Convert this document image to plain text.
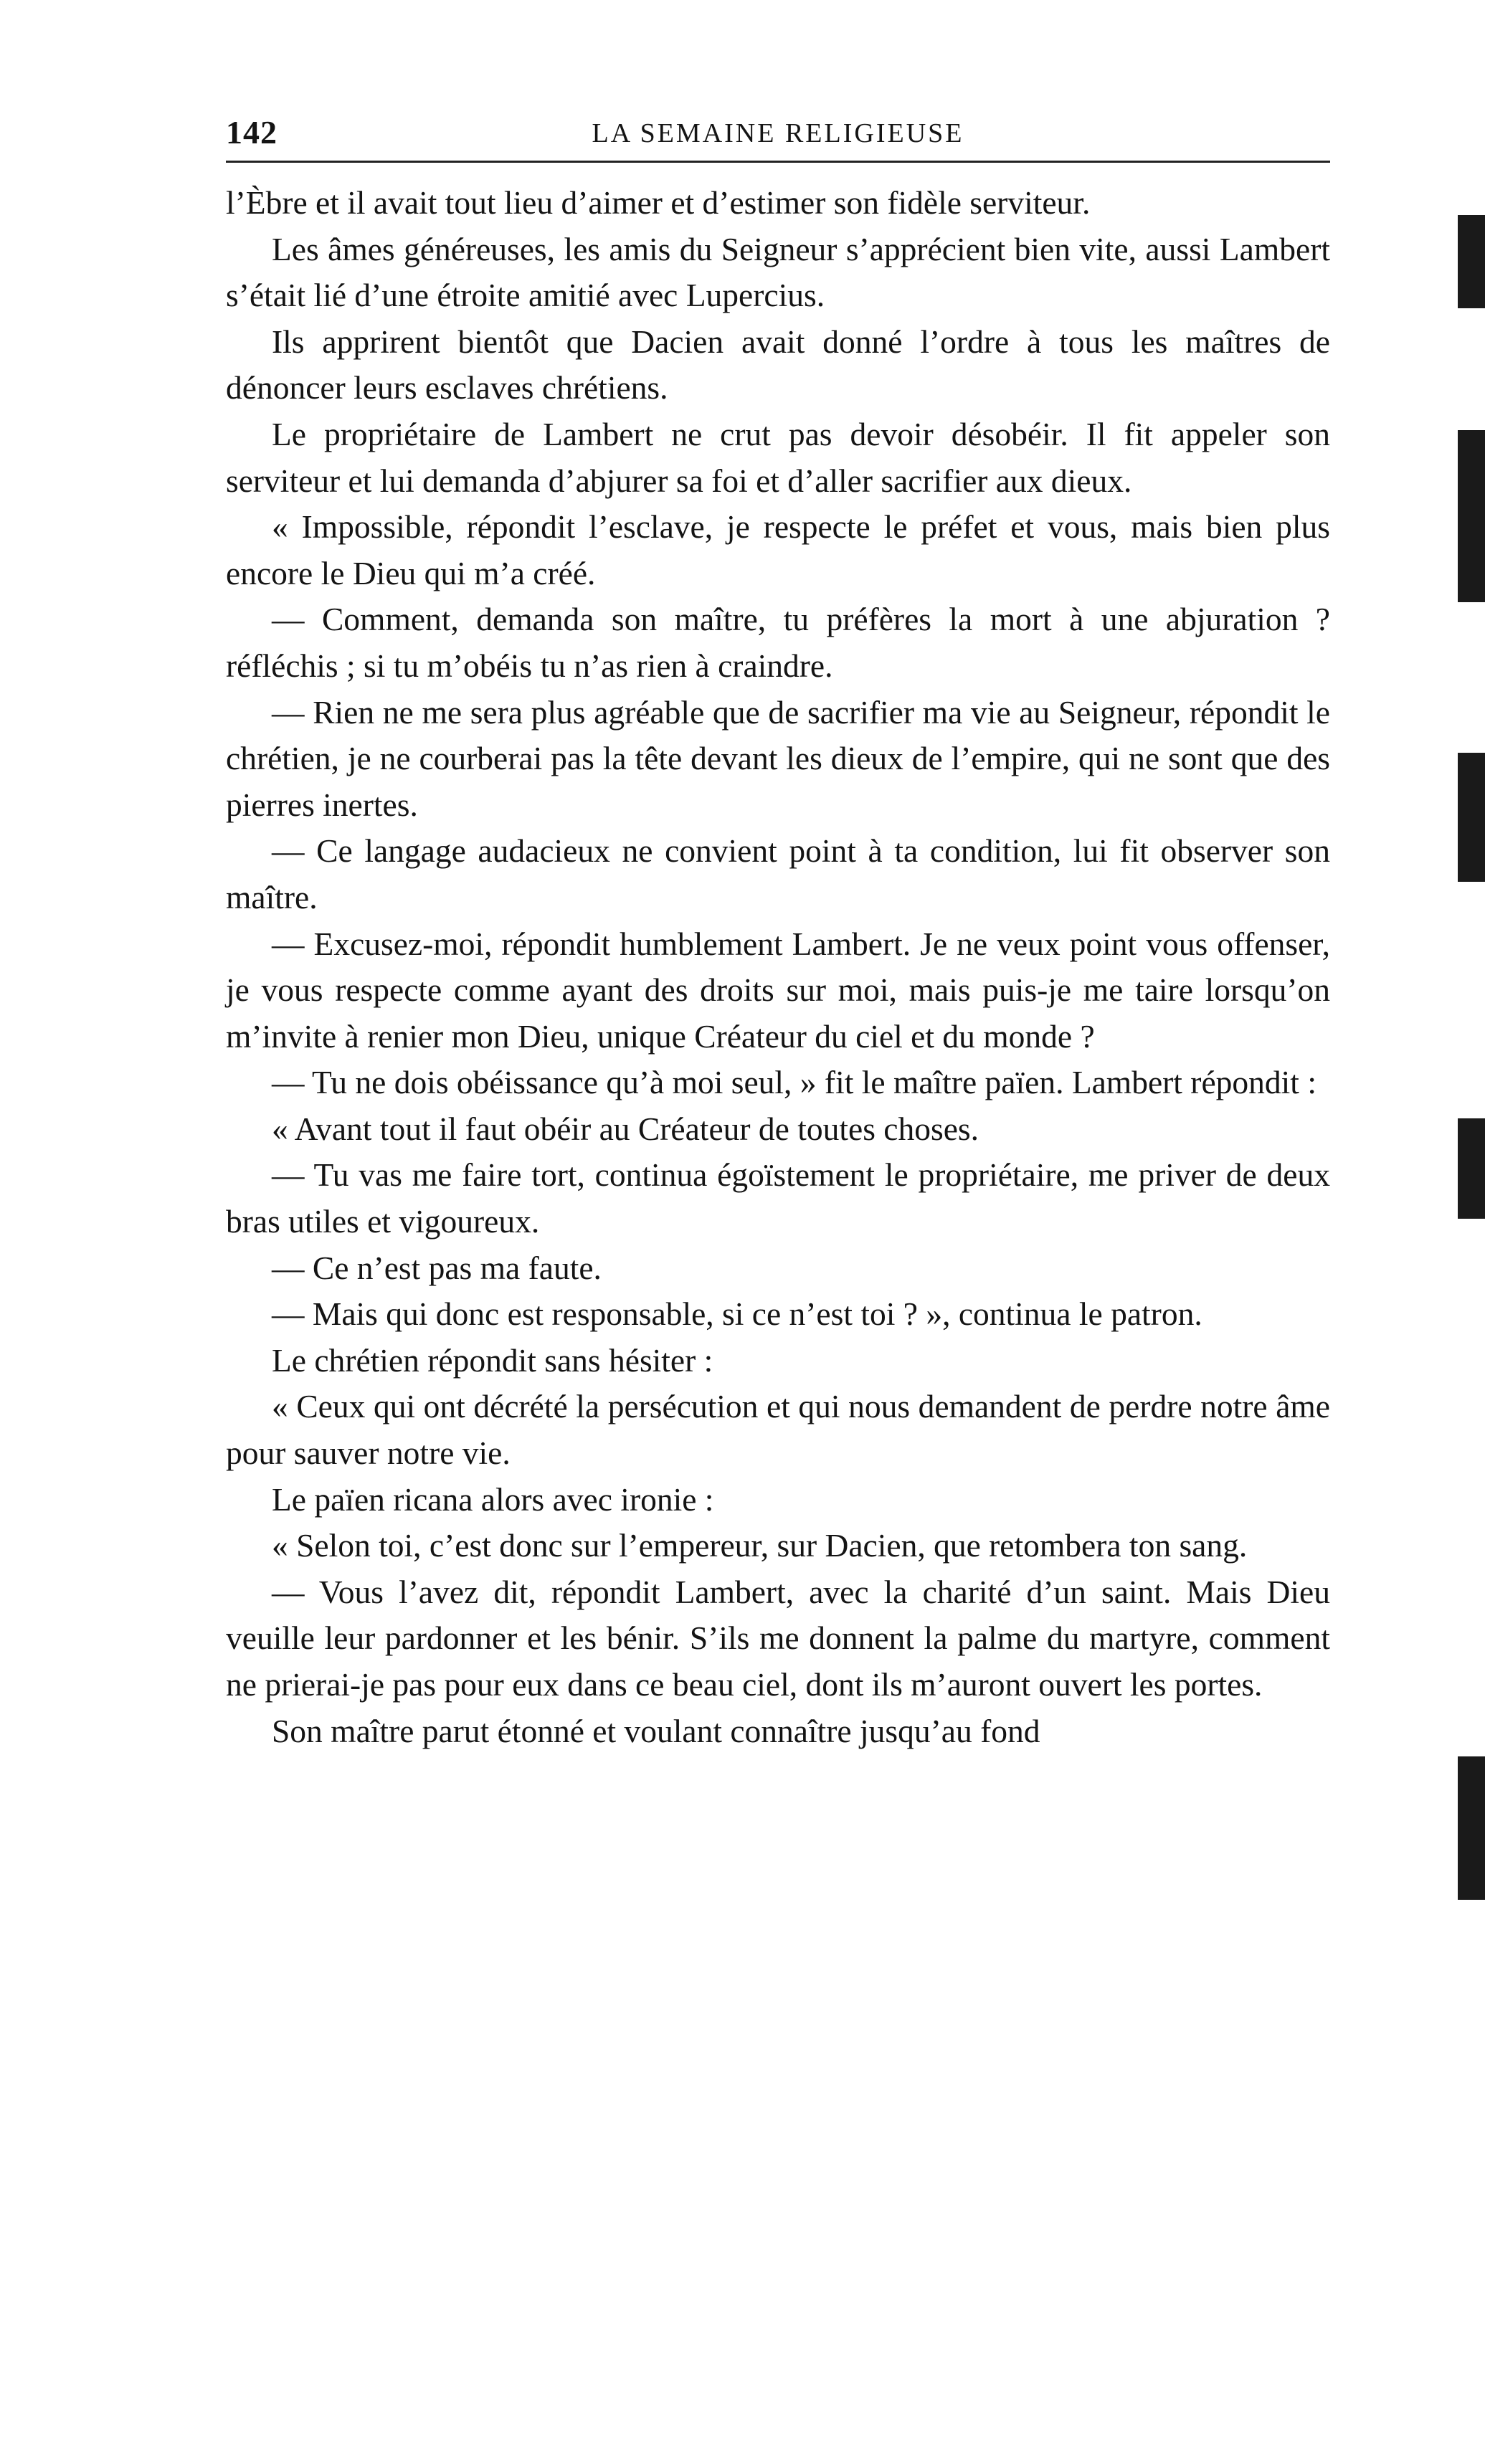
142	LA SEMAINE RELIGIEUSE

l’Èbre et il avait tout lieu d’aimer et d’estimer son fidèle serviteur.

Les âmes généreuses, les amis du Seigneur s’apprécient bien vite, aussi Lambert s’était lié d’une étroite amitié avec Lupercius.

Ils apprirent bientôt que Dacien avait donné l’ordre à tous les maîtres de dénoncer leurs esclaves chrétiens.

Le propriétaire de Lambert ne crut pas devoir désobéir. Il fit appeler son serviteur et lui demanda d’abjurer sa foi et d’aller sacrifier aux dieux.

« Impossible, répondit l’esclave, je respecte le préfet et vous, mais bien plus encore le Dieu qui m’a créé.

— Comment, demanda son maître, tu préfères la mort à une abjuration ? réfléchis ; si tu m’obéis tu n’as rien à craindre.

— Rien ne me sera plus agréable que de sacrifier ma vie au Seigneur, répondit le chrétien, je ne courberai pas la tête devant les dieux de l’empire, qui ne sont que des pierres inertes.

— Ce langage audacieux ne convient point à ta condition, lui fit observer son maître.

— Excusez-moi, répondit humblement Lambert. Je ne veux point vous offenser, je vous respecte comme ayant des droits sur moi, mais puis-je me taire lorsqu’on m’invite à renier mon Dieu, unique Créateur du ciel et du monde ?

— Tu ne dois obéissance qu’à moi seul, » fit le maître païen. Lambert répondit :

« Avant tout il faut obéir au Créateur de toutes choses.

— Tu vas me faire tort, continua égoïstement le propriétaire, me priver de deux bras utiles et vigoureux.

— Ce n’est pas ma faute.

— Mais qui donc est responsable, si ce n’est toi ? », continua le patron.

Le chrétien répondit sans hésiter :

« Ceux qui ont décrété la persécution et qui nous demandent de perdre notre âme pour sauver notre vie.

Le païen ricana alors avec ironie :

« Selon toi, c’est donc sur l’empereur, sur Dacien, que retombera ton sang.

— Vous l’avez dit, répondit Lambert, avec la charité d’un saint. Mais Dieu veuille leur pardonner et les bénir. S’ils me donnent la palme du martyre, comment ne prierai-je pas pour eux dans ce beau ciel, dont ils m’auront ouvert les portes.

Son maître parut étonné et voulant connaître jusqu’au fond
